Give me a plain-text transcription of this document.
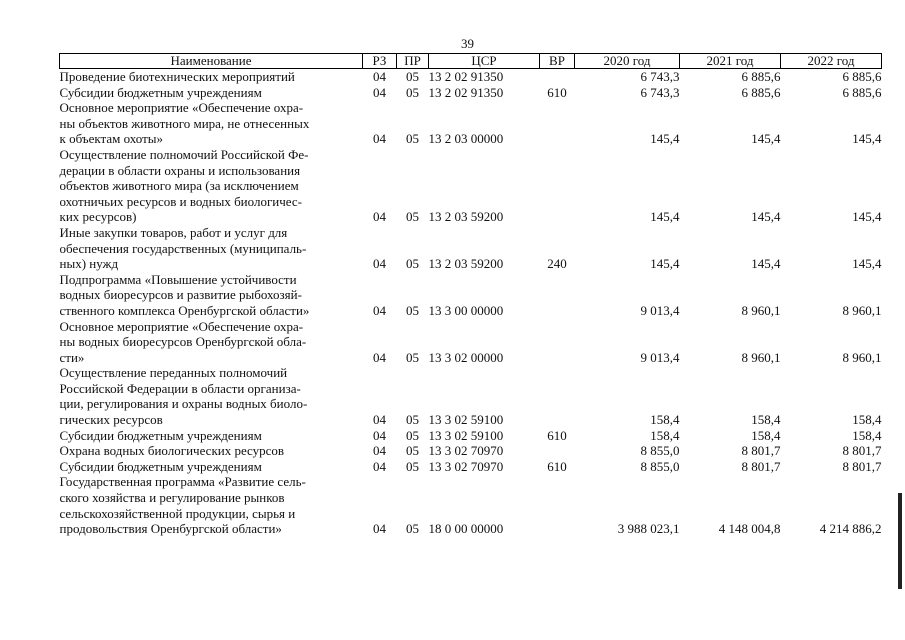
39
Наименование	РЗ	ПР	ЦСР	ВР	2020 год	2021 год	2022 год
Проведение биотехнических мероприятий	04	05	13 2 02 91350		6 743,3	6 885,6	6 885,6
Субсидии бюджетным учреждениям	04	05	13 2 02 91350	610	6 743,3	6 885,6	6 885,6
Основное мероприятие «Обеспечение охра-
ны объектов животного мира, не отнесенных
к объектам охоты»	04	05	13 2 03 00000		145,4	145,4	145,4
Осуществление полномочий Российской Фе-
дерации в области охраны и использования
объектов животного мира (за исключением
охотничьих ресурсов и водных биологичес-
ких ресурсов)	04	05	13 2 03 59200		145,4	145,4	145,4
Иные закупки товаров, работ и услуг для
обеспечения государственных (муниципаль-
ных) нужд	04	05	13 2 03 59200	240	145,4	145,4	145,4
Подпрограмма «Повышение устойчивости
водных биоресурсов и развитие рыбохозяй-
ственного комплекса Оренбургской области»	04	05	13 3 00 00000		9 013,4	8 960,1	8 960,1
Основное мероприятие «Обеспечение охра-
ны водных биоресурсов Оренбургской обла-
сти»	04	05	13 3 02 00000		9 013,4	8 960,1	8 960,1
Осуществление переданных полномочий
Российской Федерации в области организа-
ции, регулирования и охраны водных биоло-
гических ресурсов	04	05	13 3 02 59100		158,4	158,4	158,4
Субсидии бюджетным учреждениям	04	05	13 3 02 59100	610	158,4	158,4	158,4
Охрана водных биологических ресурсов	04	05	13 3 02 70970		8 855,0	8 801,7	8 801,7
Субсидии бюджетным учреждениям	04	05	13 3 02 70970	610	8 855,0	8 801,7	8 801,7
Государственная программа «Развитие сель-
ского хозяйства и регулирование рынков
сельскохозяйственной продукции, сырья и
продовольствия Оренбургской области»	04	05	18 0 00 00000		3 988 023,1	4 148 004,8	4 214 886,2
